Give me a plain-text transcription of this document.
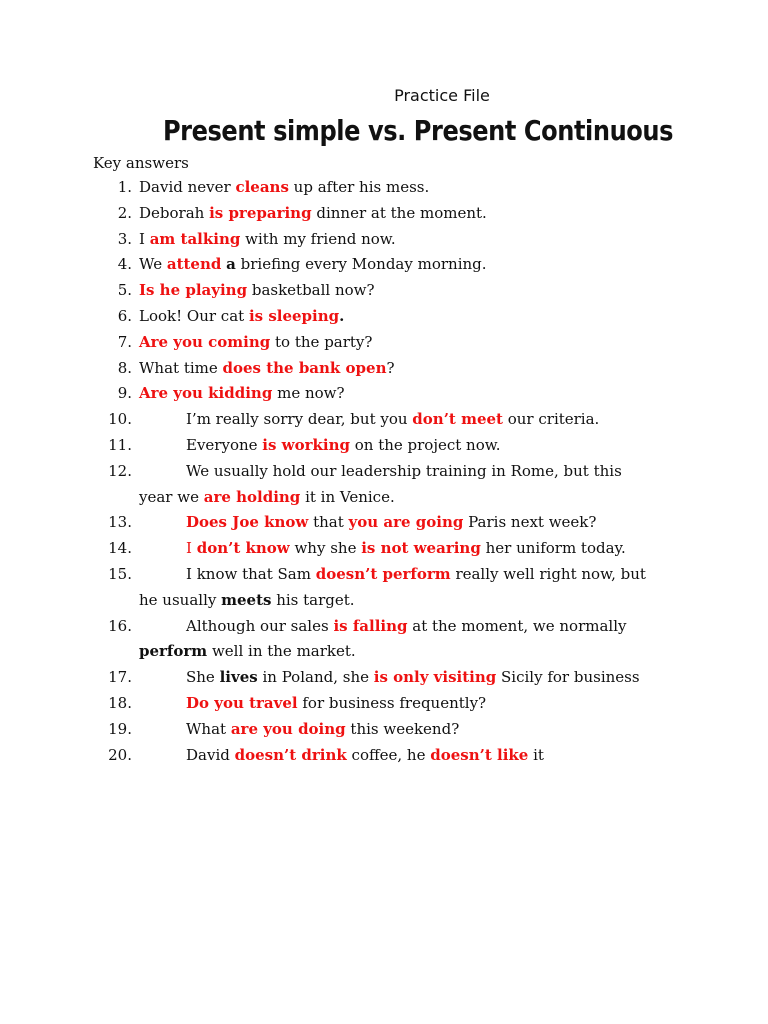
Practice File
Present simple vs. Present Continuous
Key answers
1. David never cleans up after his mess.
2. Deborah is preparing dinner at the moment.
3. I am talking with my friend now.
4. We attend a briefing every Monday morning.
5. Is he playing basketball now?
6. Look! Our cat is sleeping.
7. Are you coming to the party?
8. What time does the bank open?
9. Are you kidding me now?
10.	I’m really sorry dear, but you don’t meet our criteria.
11.	Everyone is working on the project now.
12.	We usually hold our leadership training in Rome, but this
year we are holding it in Venice.
13.	Does Joe know that you are going Paris next week?
14.	I don’t know why she is not wearing her uniform today.
15.	I know that Sam doesn’t perform really well right now, but
he usually meets his target.
16.	Although our sales is falling at the moment, we normally
perform well in the market.
17.	She lives in Poland, she is only visiting Sicily for business
18.	Do you travel for business frequently?
19.	What are you doing this weekend?
20.	David doesn’t drink coffee, he doesn’t like it
